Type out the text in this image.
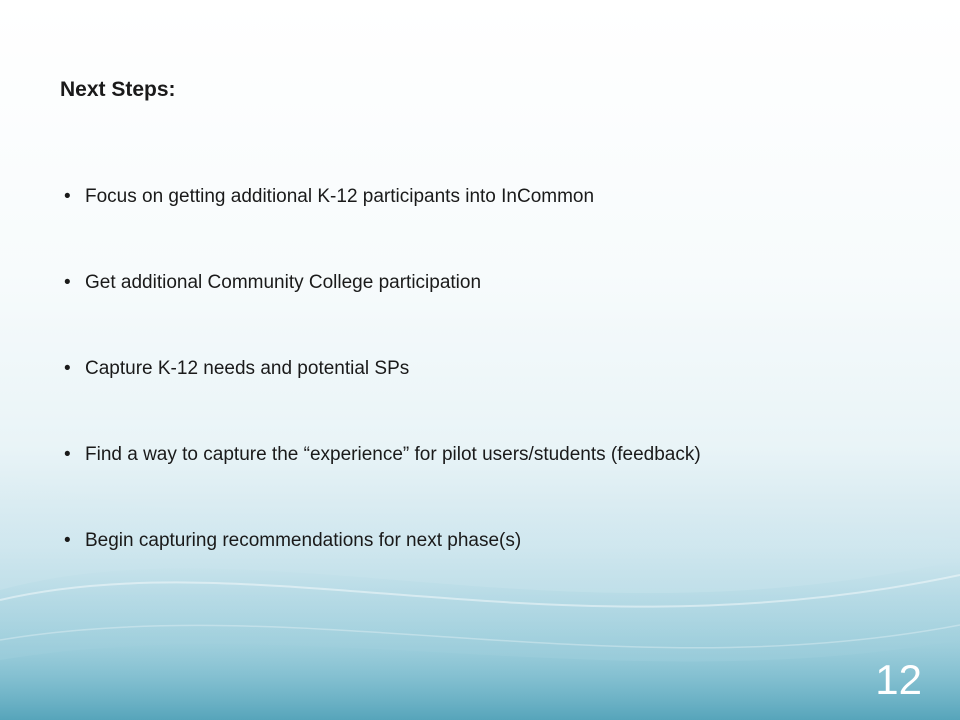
Next Steps:
• Focus on getting additional K-12 participants into InCommon
• Get additional Community College participation
• Capture K-12 needs and potential SPs
• Find a way to capture the “experience” for pilot users/students (feedback)
• Begin capturing recommendations for next phase(s)
12
